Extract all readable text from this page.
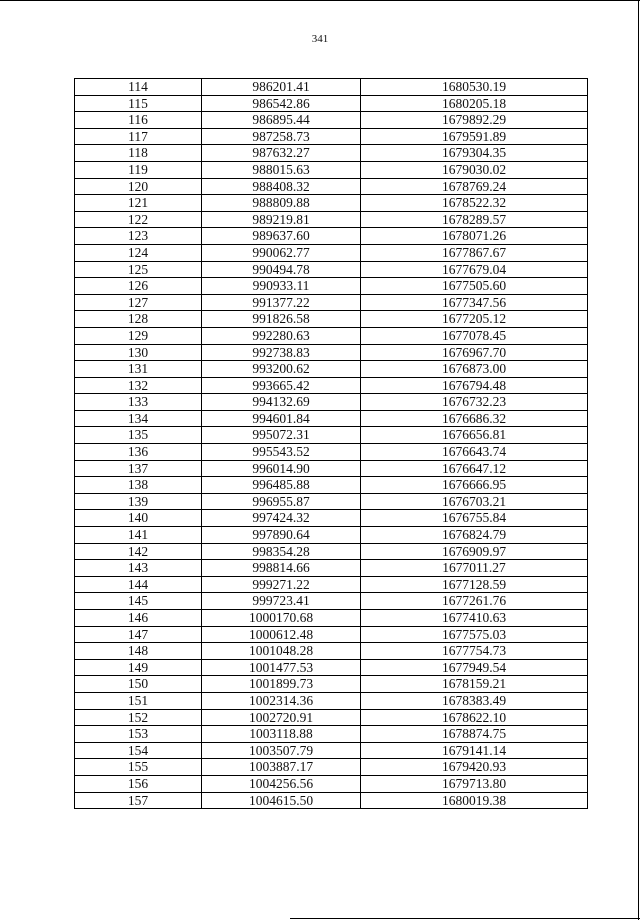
341
114	986201.41	1680530.19
115	986542.86	1680205.18
116	986895.44	1679892.29
117	987258.73	1679591.89
118	987632.27	1679304.35
119	988015.63	1679030.02
120	988408.32	1678769.24
121	988809.88	1678522.32
122	989219.81	1678289.57
123	989637.60	1678071.26
124	990062.77	1677867.67
125	990494.78	1677679.04
126	990933.11	1677505.60
127	991377.22	1677347.56
128	991826.58	1677205.12
129	992280.63	1677078.45
130	992738.83	1676967.70
131	993200.62	1676873.00
132	993665.42	1676794.48
133	994132.69	1676732.23
134	994601.84	1676686.32
135	995072.31	1676656.81
136	995543.52	1676643.74
137	996014.90	1676647.12
138	996485.88	1676666.95
139	996955.87	1676703.21
140	997424.32	1676755.84
141	997890.64	1676824.79
142	998354.28	1676909.97
143	998814.66	1677011.27
144	999271.22	1677128.59
145	999723.41	1677261.76
146	1000170.68	1677410.63
147	1000612.48	1677575.03
148	1001048.28	1677754.73
149	1001477.53	1677949.54
150	1001899.73	1678159.21
151	1002314.36	1678383.49
152	1002720.91	1678622.10
153	1003118.88	1678874.75
154	1003507.79	1679141.14
155	1003887.17	1679420.93
156	1004256.56	1679713.80
157	1004615.50	1680019.38
